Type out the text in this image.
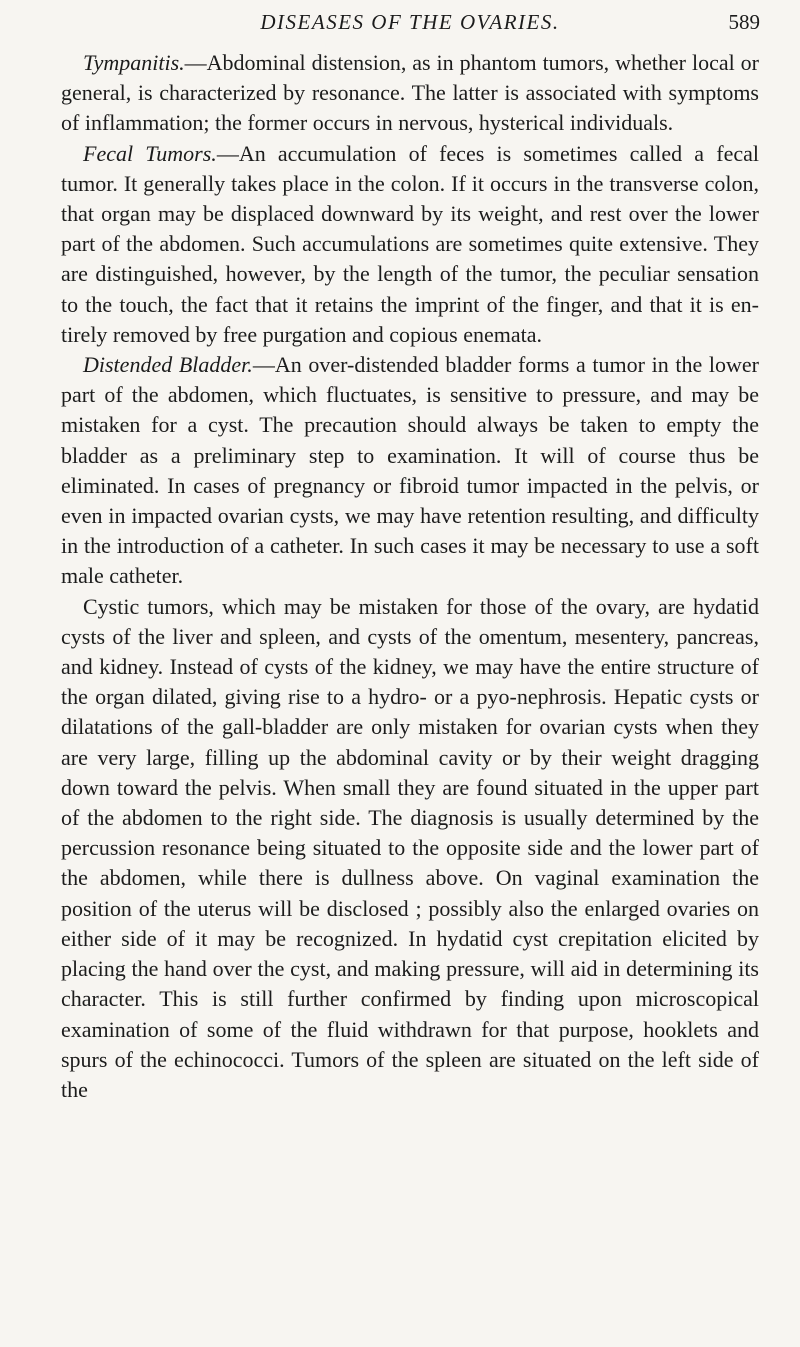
DISEASES OF THE OVARIES.	589

Tympanitis.—Abdominal distension, as in phantom tumors, whether local or general, is characterized by resonance. The latter is associated with symptoms of inflammation; the former occurs in nervous, hysterical individuals.

Fecal Tumors.—An accumulation of feces is sometimes called a fecal tumor. It generally takes place in the colon. If it occurs in the transverse colon, that organ may be displaced downward by its weight, and rest over the lower part of the abdomen. Such accumulations are sometimes quite extensive. They are distinguished, however, by the length of the tumor, the peculiar sensation to the touch, the fact that it retains the imprint of the finger, and that it is entirely removed by free purgation and copious enemata.

Distended Bladder.—An over-distended bladder forms a tumor in the lower part of the abdomen, which fluctuates, is sensitive to pressure, and may be mistaken for a cyst. The precaution should always be taken to empty the bladder as a preliminary step to examination. It will of course thus be eliminated. In cases of pregnancy or fibroid tumor impacted in the pelvis, or even in impacted ovarian cysts, we may have retention resulting, and difficulty in the introduction of a catheter. In such cases it may be necessary to use a soft male catheter.

Cystic tumors, which may be mistaken for those of the ovary, are hydatid cysts of the liver and spleen, and cysts of the omentum, mesentery, pancreas, and kidney. Instead of cysts of the kidney, we may have the entire structure of the organ dilated, giving rise to a hydro- or a pyo-nephrosis. Hepatic cysts or dilatations of the gall-bladder are only mistaken for ovarian cysts when they are very large, filling up the abdominal cavity or by their weight dragging down toward the pelvis. When small they are found situated in the upper part of the abdomen to the right side. The diagnosis is usually determined by the percussion resonance being situated to the opposite side and the lower part of the abdomen, while there is dullness above. On vaginal examination the position of the uterus will be disclosed ; possibly also the enlarged ovaries on either side of it may be recognized. In hydatid cyst crepitation elicited by placing the hand over the cyst, and making pressure, will aid in determining its character. This is still further confirmed by finding upon microscopical examination of some of the fluid withdrawn for that purpose, hooklets and spurs of the echinococci. Tumors of the spleen are situated on the left side of the
